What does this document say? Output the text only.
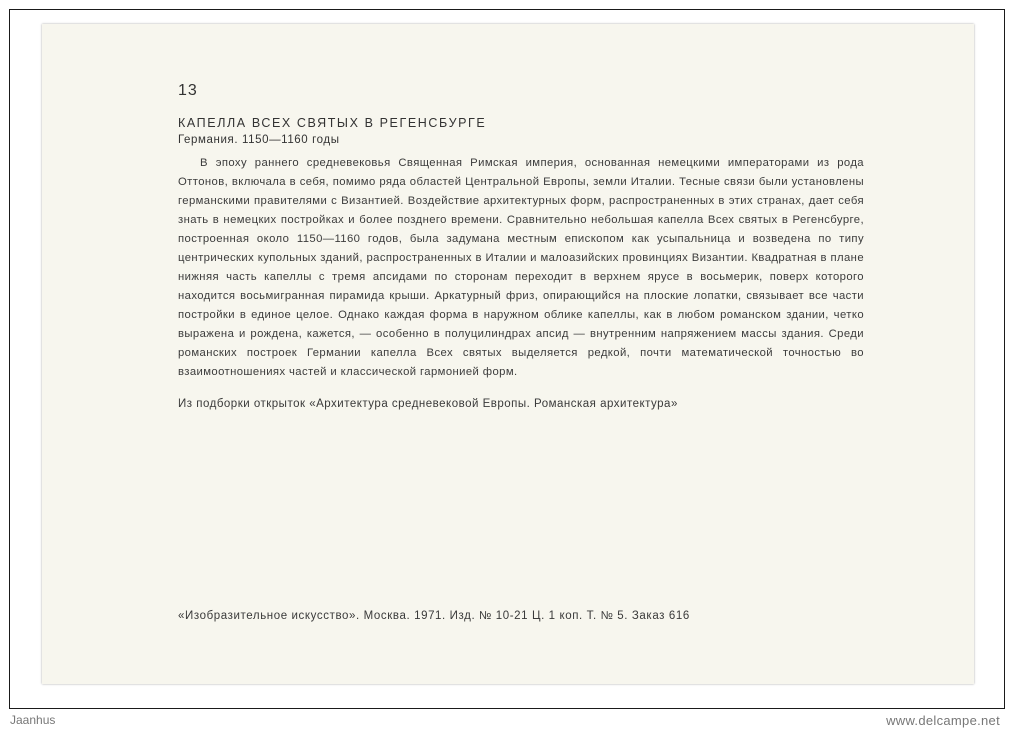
13

КАПЕЛЛА ВСЕХ СВЯТЫХ В РЕГЕНСБУРГЕ

Германия. 1150—1160 годы

В эпоху раннего средневековья Священная Римская империя, основанная немецкими императорами из рода Оттонов, включала в себя, помимо ряда областей Центральной Европы, земли Италии. Тесные связи были установлены германскими правителями с Византией. Воздействие архитектурных форм, распространенных в этих странах, дает себя знать в немецких постройках и более позднего времени. Сравнительно небольшая капелла Всех святых в Регенсбурге, построенная около 1150—1160 годов, была задумана местным епископом как усыпальница и возведена по типу центрических купольных зданий, распространенных в Италии и малоазийских провинциях Византии. Квадратная в плане нижняя часть капеллы с тремя апсидами по сторонам переходит в верхнем ярусе в восьмерик, поверх которого находится восьмигранная пирамида крыши. Аркатурный фриз, опирающийся на плоские лопатки, связывает все части постройки в единое целое. Однако каждая форма в наружном облике капеллы, как в любом романском здании, четко выражена и рождена, кажется, — особенно в полуцилиндрах апсид — внутренним напряжением массы здания. Среди романских построек Германии капелла Всех святых выделяется редкой, почти математической точностью во взаимоотношениях частей и классической гармонией форм.

Из подборки открыток «Архитектура средневековой Европы. Романская архитектура»

«Изобразительное искусство». Москва. 1971. Изд. № 10-21 Ц. 1 коп. Т. № 5. Заказ 616

Jaanhus	www.delcampe.net
